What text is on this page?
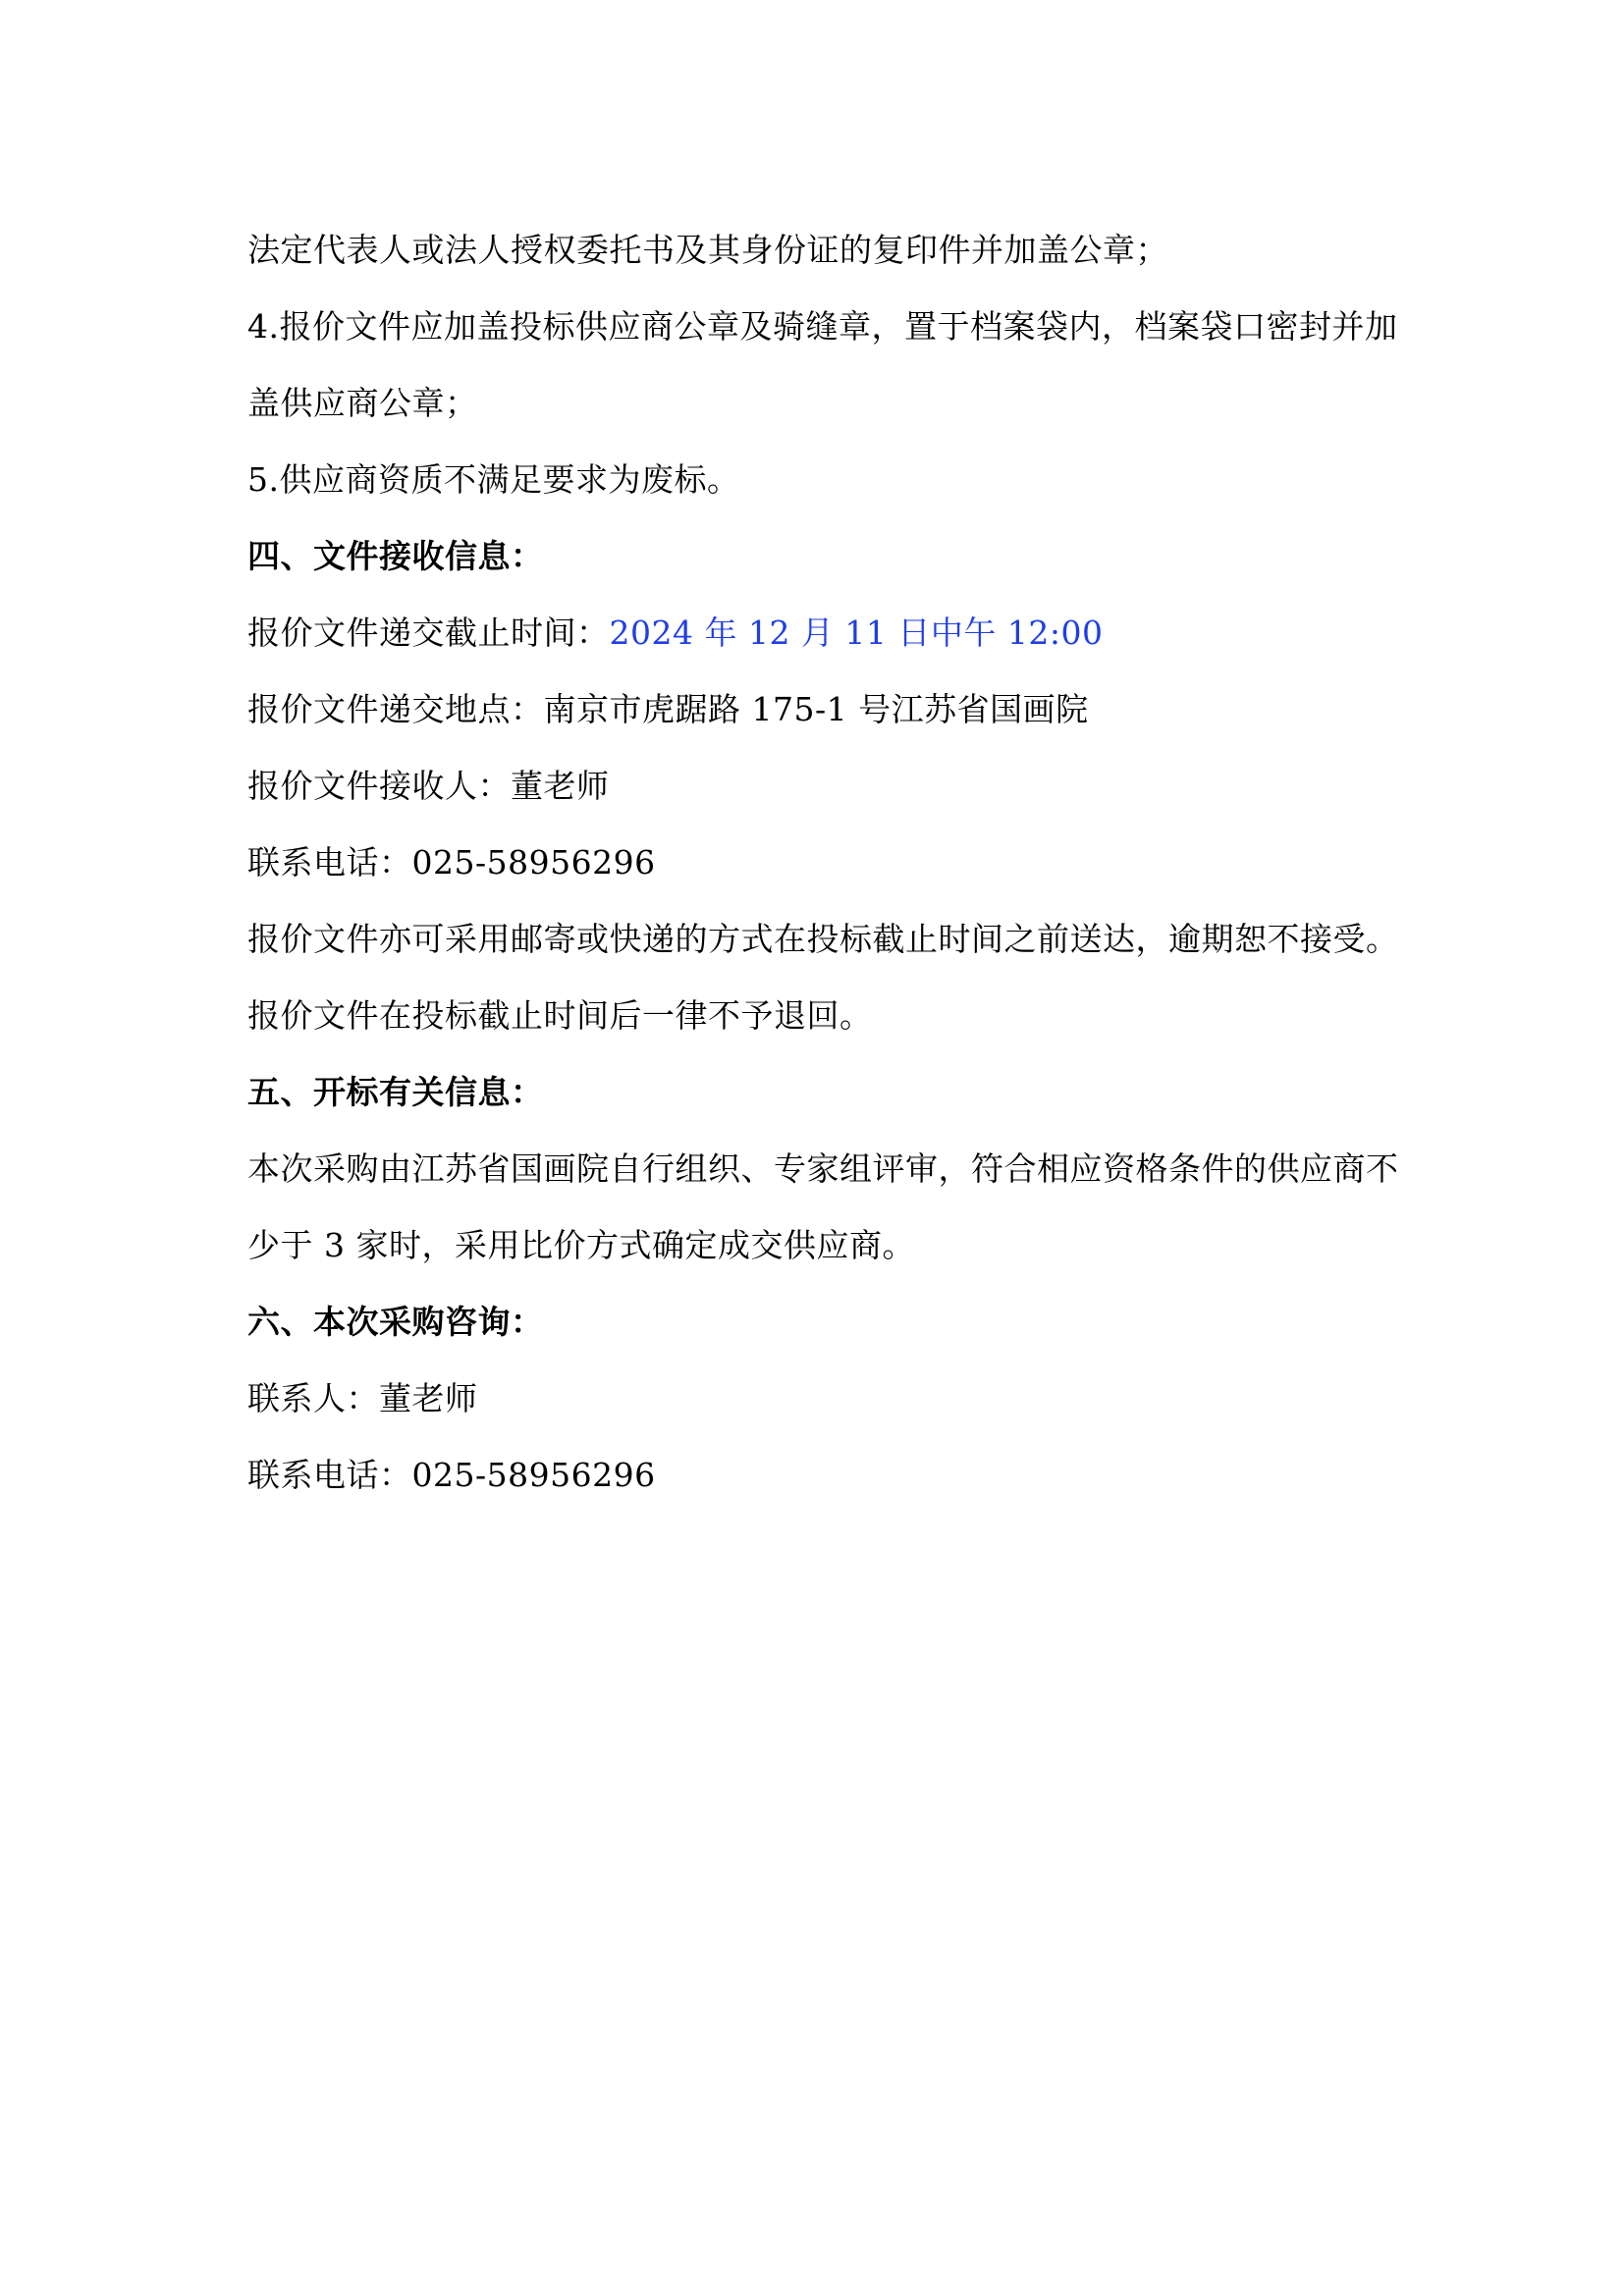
法定代表人或法人授权委托书及其身份证的复印件并加盖公章；
4.报价文件应加盖投标供应商公章及骑缝章，置于档案袋内，档案袋口密封并加
盖供应商公章；
5.供应商资质不满足要求为废标。
四、文件接收信息：
报价文件递交截止时间：2024 年 12 月 11 日中午 12:00
报价文件递交地点：南京市虎踞路 175-1 号江苏省国画院
报价文件接收人：董老师
联系电话：025-58956296
报价文件亦可采用邮寄或快递的方式在投标截止时间之前送达，逾期恕不接受。
报价文件在投标截止时间后一律不予退回。
五、开标有关信息：
本次采购由江苏省国画院自行组织、专家组评审，符合相应资格条件的供应商不
少于 3 家时，采用比价方式确定成交供应商。
六、本次采购咨询：
联系人：董老师
联系电话：025-58956296
